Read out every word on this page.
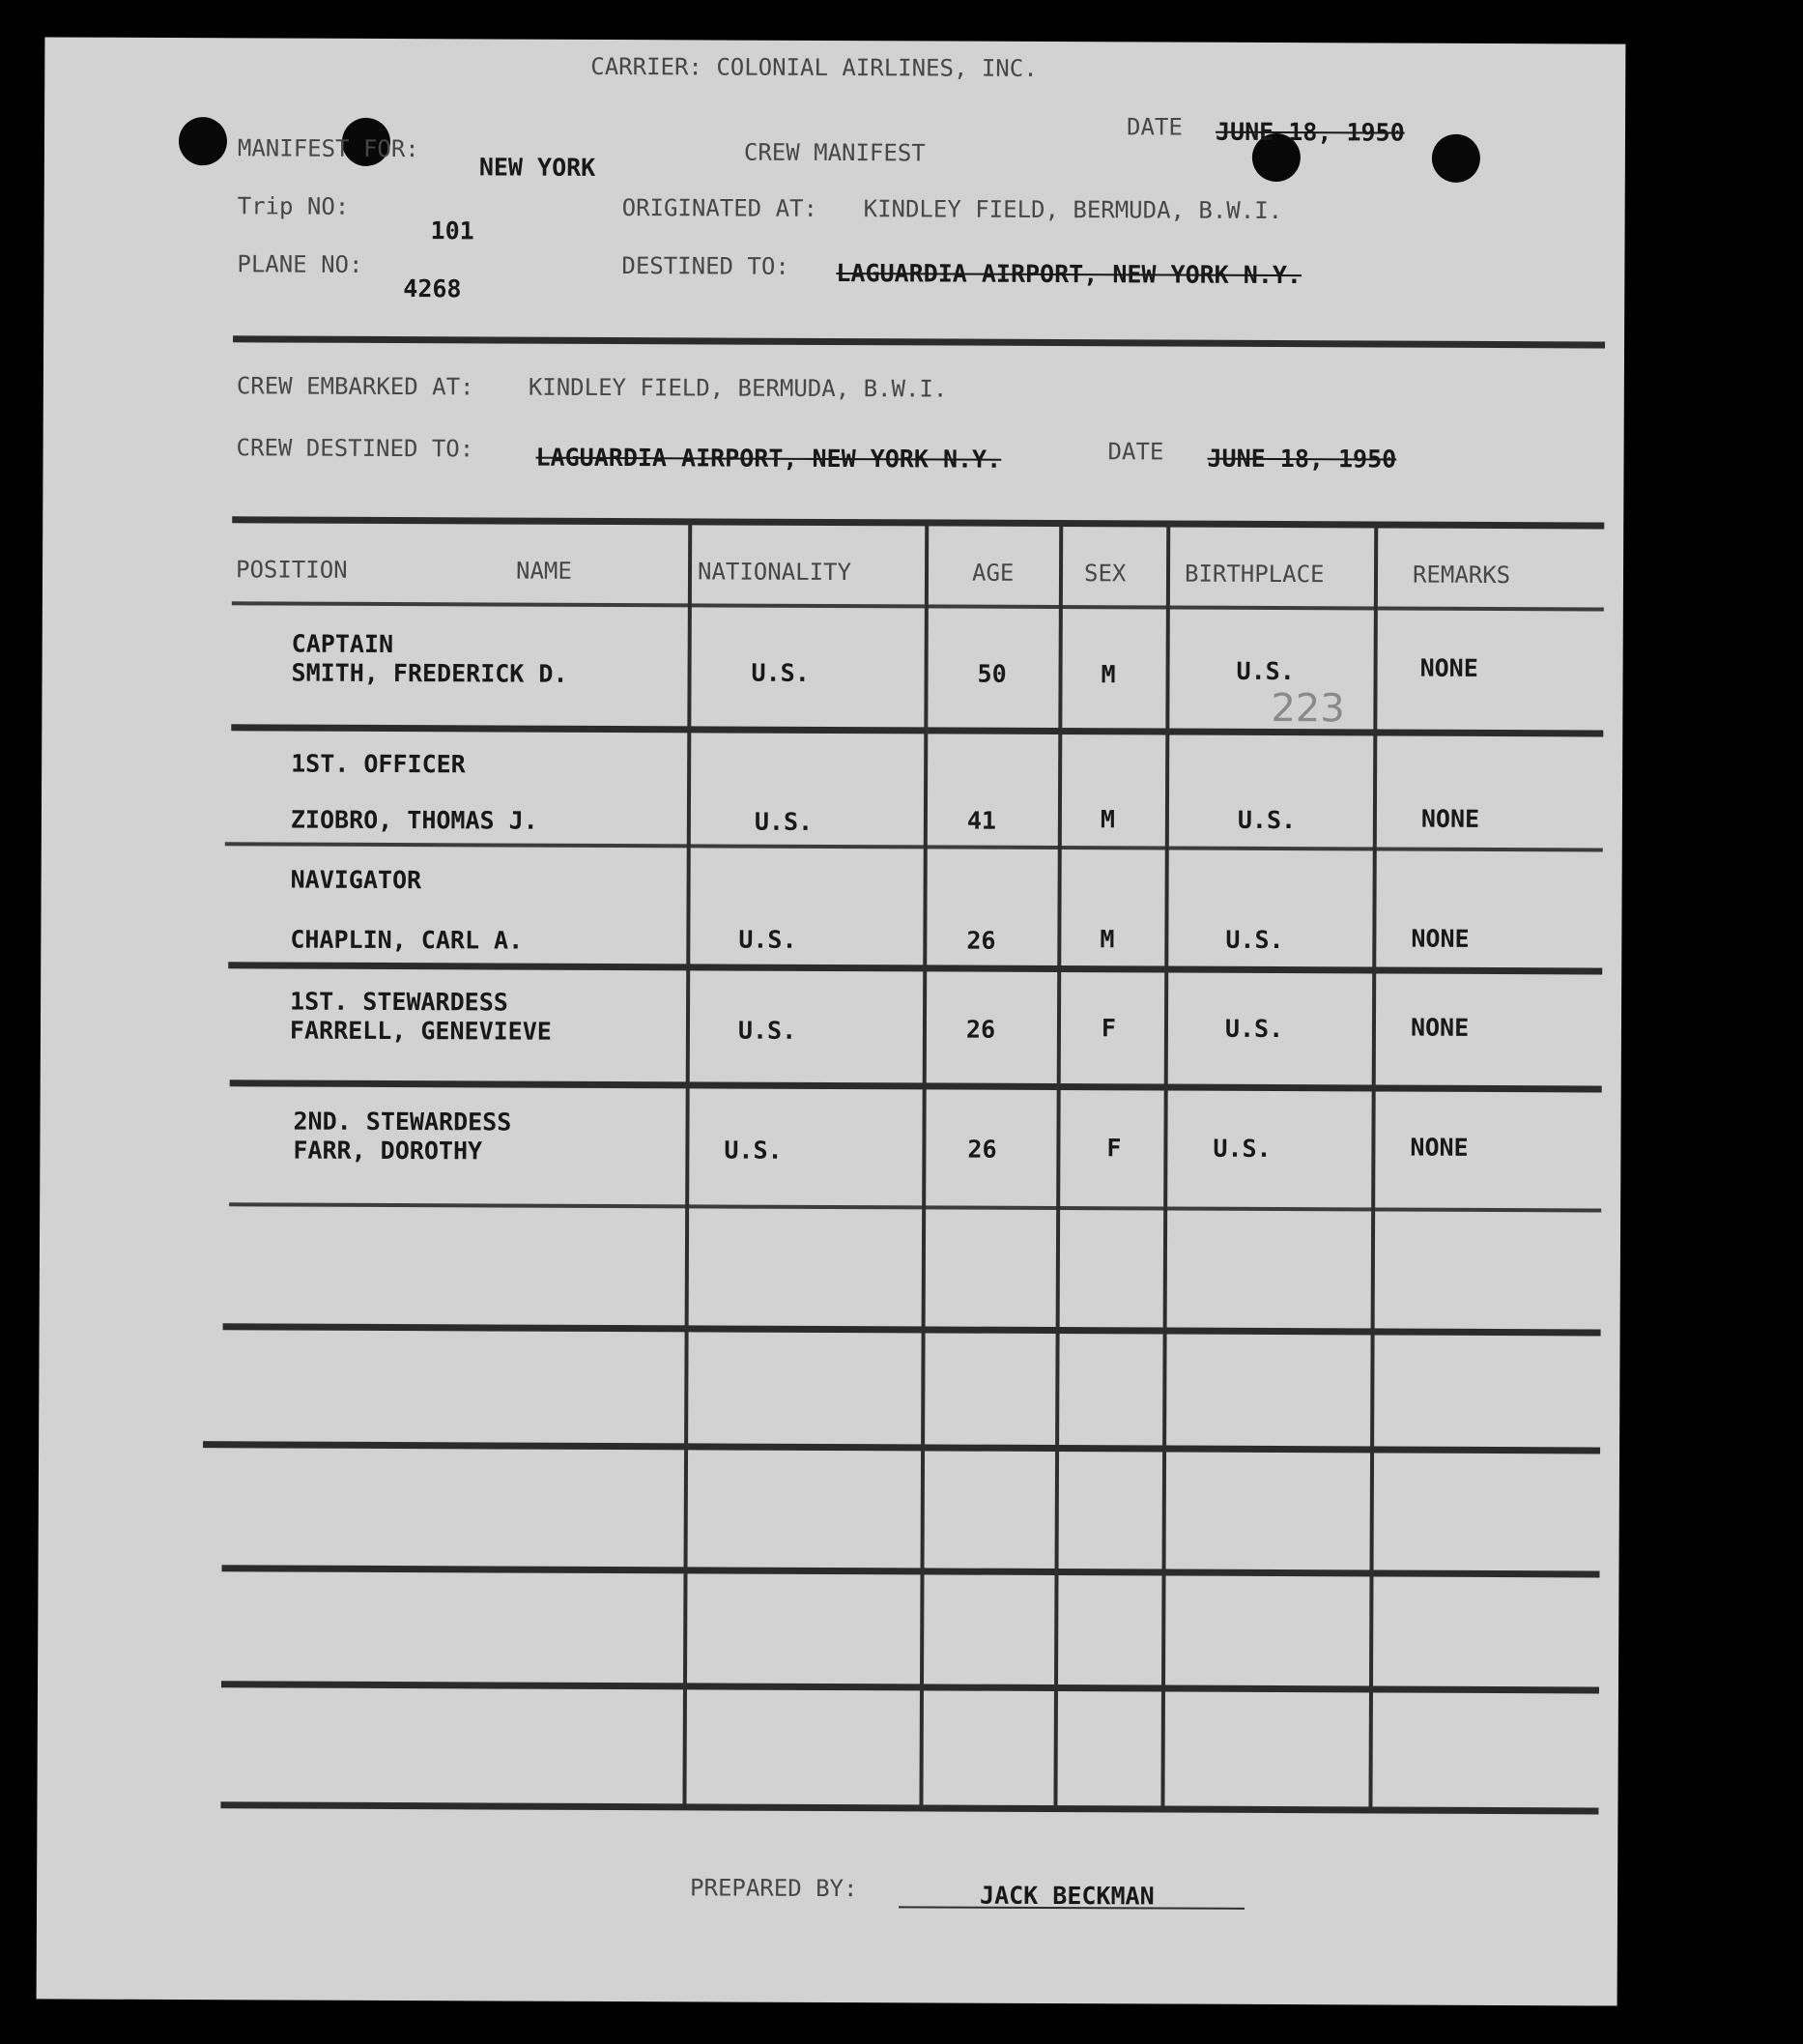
CARRIER: COLONIAL AIRLINES, INC.
DATE JUNE 18, 1950
MANIFEST FOR:
NEW YORK
CREW MANIFEST
Trip NO:
101
ORIGINATED AT: KINDLEY FIELD, BERMUDA, B.W.I.
PLANE NO:
4268
DESTINED TO: LAGUARDIA AIRPORT, NEW YORK N.Y.
CREW EMBARKED AT: KINDLEY FIELD, BERMUDA, B.W.I.
CREW DESTINED TO:	LAGUARDIA AIRPORT, NEW YORK N.Y.	DATE JUNE 18, 1950
POSITION	NAME	NATIONALITY	AGE	SEX	BIRTHPLACE	REMARKS
CAPTAIN
SMITH, FREDERICK D.	U.S.	50	M	U.S.	NONE
223
1ST. OFFICER
ZIOBRO, THOMAS J.	U.S.	41	M	U.S.	NONE
NAVIGATOR
CHAPLIN, CARL A.	U.S.	26	M	U.S.	NONE
1ST. STEWARDESS
FARRELL, GENEVIEVE	U.S.	26	F	U.S.	NONE
2ND. STEWARDESS
FARR, DOROTHY	U.S.	26	F	U.S.	NONE
PREPARED BY:	JACK BECKMAN
